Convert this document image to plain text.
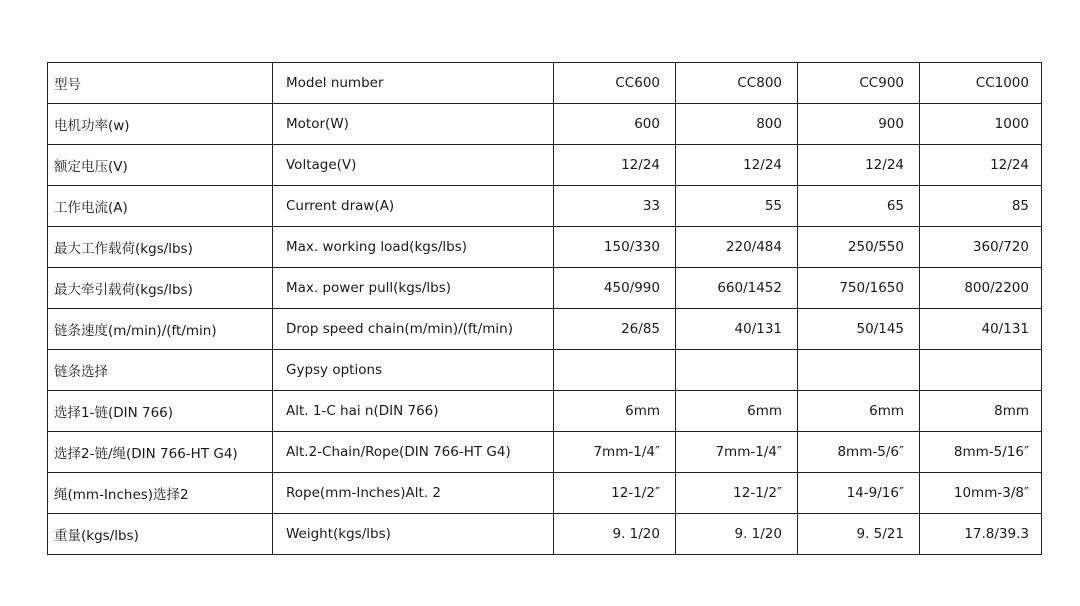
型号	Model number	CC600	CC800	CC900	CC1000
电机功率(w)	Motor(W)	600	800	900	1000
额定电压(V)	Voltage(V)	12/24	12/24	12/24	12/24
工作电流(A)	Current draw(A)	33	55	65	85
最大工作载荷(kgs/lbs)	Max. working load(kgs/lbs)	150/330	220/484	250/550	360/720
最大牵引载荷(kgs/lbs)	Max. power pull(kgs/lbs)	450/990	660/1452	750/1650	800/2200
链条速度(m/min)/(ft/min)	Drop speed chain(m/min)/(ft/min)	26/85	40/131	50/145	40/131
链条选择	Gypsy options				
选择1-链(DIN 766)	Alt. 1-C hai n(DIN 766)	6mm	6mm	6mm	8mm
选择2-链/绳(DIN 766-HT G4)	Alt.2-Chain/Rope(DIN 766-HT G4)	7mm-1/4″	7mm-1/4″	8mm-5/6″	8mm-5/16″
绳(mm-Inches)选择2	Rope(mm-Inches)Alt. 2	12-1/2″	12-1/2″	14-9/16″	10mm-3/8″
重量(kgs/lbs)	Weight(kgs/lbs)	9. 1/20	9. 1/20	9. 5/21	17.8/39.3
